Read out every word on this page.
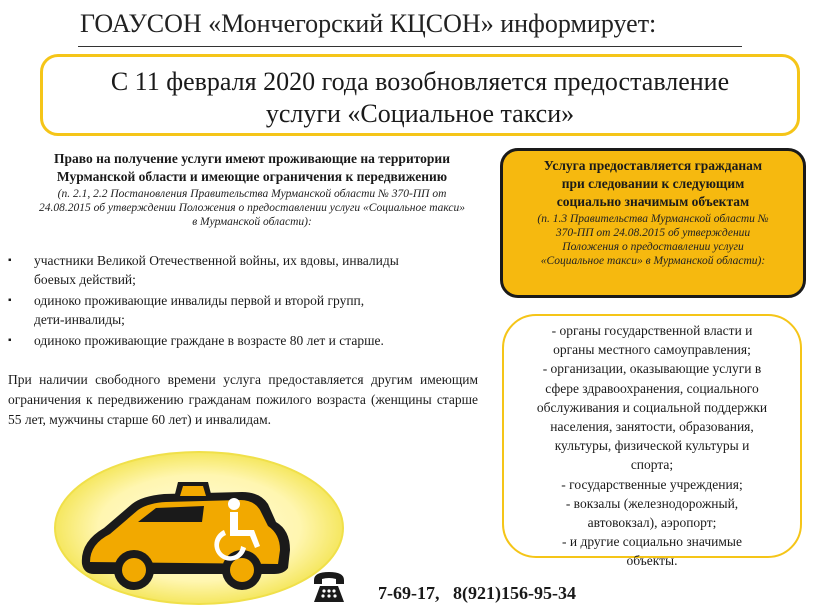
ГОАУСОН «Мончегорский КЦСОН» информирует:
С 11 февраля 2020 года возобновляется предоставление
услуги «Социальное такси»
Право на получение услуги имеют проживающие на территории
Мурманской области и имеющие ограничения к передвижению
(п. 2.1, 2.2 Постановления Правительства Мурманской области № 370-ПП от
24.08.2015 об утверждении Положения о предоставлении услуги «Социальное такси»
в Мурманской области):
▪ участники Великой Отечественной войны, их вдовы, инвалиды
боевых действий;
▪ одиноко проживающие инвалиды первой и второй групп,
дети-инвалиды;
▪ одиноко проживающие граждане в возрасте 80 лет и старше.
При наличии свободного времени услуга предоставляется другим имеющим ограничения к передвижению гражданам пожилого возраста (женщины старше 55 лет, мужчины старше 60 лет) и инвалидам.
Услуга предоставляется гражданам
при следовании к следующим
социально значимым объектам
(п. 1.3 Правительства Мурманской области №
370-ПП от 24.08.2015 об утверждении
Положения о предоставлении услуги
«Социальное такси» в Мурманской области):
- органы государственной власти и
органы местного самоуправления;
- организации, оказывающие услуги в
сфере здравоохранения, социального
обслуживания и социальной поддержки
населения, занятости, образования,
культуры, физической культуры и
спорта;
- государственные учреждения;
- вокзалы (железнодорожный,
автовокзал), аэропорт;
- и другие социально значимые
объекты.
7-69-17,   8(921)156-95-34
